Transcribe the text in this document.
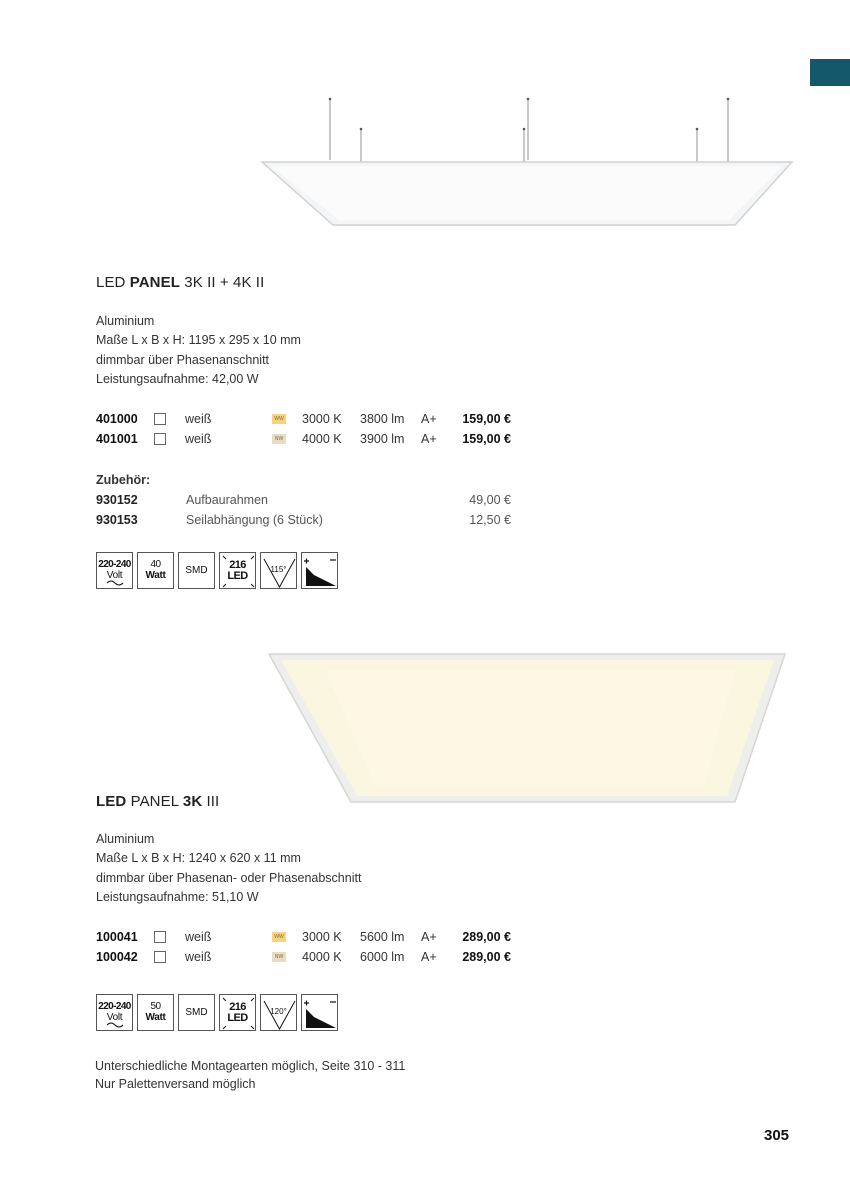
LED PANEL 3K II + 4K II
Aluminium
Maße L x B x H: 1195 x 295 x 10 mm
dimmbar über Phasenanschnitt
Leistungsaufnahme: 42,00 W
401000	weiß	WW 3000 K 3800 lm A+ 159,00 €
401001	weiß	NW 4000 K 3900 lm A+ 159,00 €
Zubehör:
930152	Aufbaurahmen	49,00 €
930153	Seilabhängung (6 Stück)	12,50 €
220-240
Volt
40
Watt	SMD	216
LED
115°
LED PANEL 3K III
Aluminium
Maße L x B x H: 1240 x 620 x 11 mm
dimmbar über Phasenan- oder Phasenabschnitt
Leistungsaufnahme: 51,10 W
100041	weiß	WW 3000 K 5600 lm A+ 289,00 €
100042	weiß	NW 4000 K 6000 lm A+ 289,00 €
220-240
Volt
50
Watt	SMD	216
LED
120°
Unterschiedliche Montagearten möglich, Seite 310 - 311
Nur Palettenversand möglich
305
